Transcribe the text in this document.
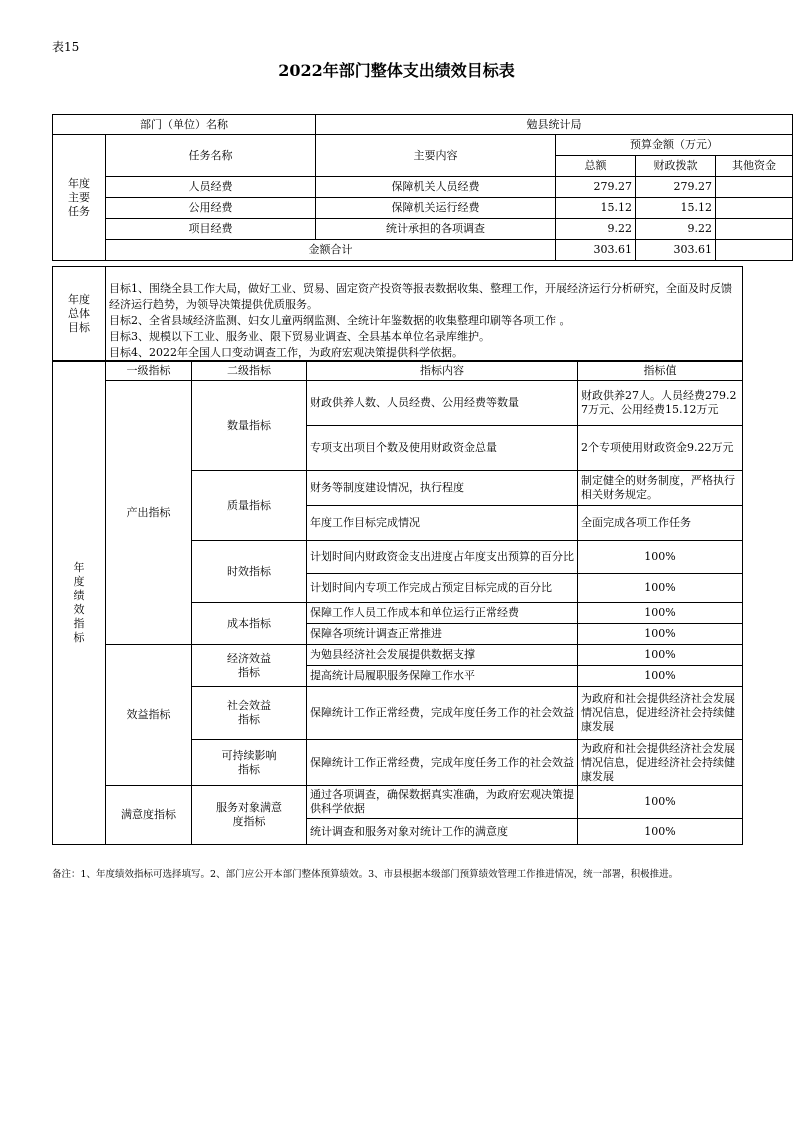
表15
2022年部门整体支出绩效目标表
部门（单位）名称		勉县统计局			

年度主要任务	任务名称	主要内容	预算金额（万元）		
			总额	财政拨款	其他资金
	人员经费	保障机关人员经费	279.27	279.27	
	公用经费	保障机关运行经费	15.12	15.12	
	项目经费	统计承担的各项调查	9.22	9.22	
	金额合计		303.61	303.61	
年度总体目标

目标1、围绕全县工作大局，做好工业、贸易、固定资产投资等报表数据收集、整理工作，开展经济运行分析研究，全面及时反馈经济运行趋势，为领导决策提供优质服务。
目标2、全省县域经济监测、妇女儿童两纲监测、全统计年鉴数据的收集整理印刷等各项工作 。
目标3、规模以下工业、服务业、限下贸易业调查、全县基本单位名录库维护。
目标4、2022年全国人口变动调查工作，为政府宏观决策提供科学依据。
年度绩效指标	一级指标	二级指标	指标内容	指标值
	产出指标	数量指标	财政供养人数、人员经费、公用经费等数量	财政供养27人。人员经费279.27万元、公用经费15.12万元
			专项支出项目个数及使用财政资金总量	2个专项使用财政资金9.22万元
		质量指标	财务等制度建设情况，执行程度	制定健全的财务制度，严格执行相关财务规定。
			年度工作目标完成情况	全面完成各项工作任务
		时效指标	计划时间内财政资金支出进度占年度支出预算的百分比	100%
			计划时间内专项工作完成占预定目标完成的百分比	100%
		成本指标	保障工作人员工作成本和单位运行正常经费	100%
			保障各项统计调查正常推进	100%
	效益指标	经济效益指标	为勉县经济社会发展提供数据支撑	100%
			提高统计局履职服务保障工作水平	100%

		社会效益指标	保障统计工作正常经费，完成年度任务工作的社会效益	为政府和社会提供经济社会发展情况信息，促进经济社会持续健康发展

		可持续影响指标	保障统计工作正常经费，完成年度任务工作的社会效益	为政府和社会提供经济社会发展情况信息，促进经济社会持续健康发展
	满意度指标	服务对象满意度指标	通过各项调查，确保数据真实准确，为政府宏观决策提供科学依据	100%
			统计调查和服务对象对统计工作的满意度	100%
备注：1、年度绩效指标可选择填写。2、部门应公开本部门整体预算绩效。3、市县根据本级部门预算绩效管理工作推进情况，统一部署，积极推进。
